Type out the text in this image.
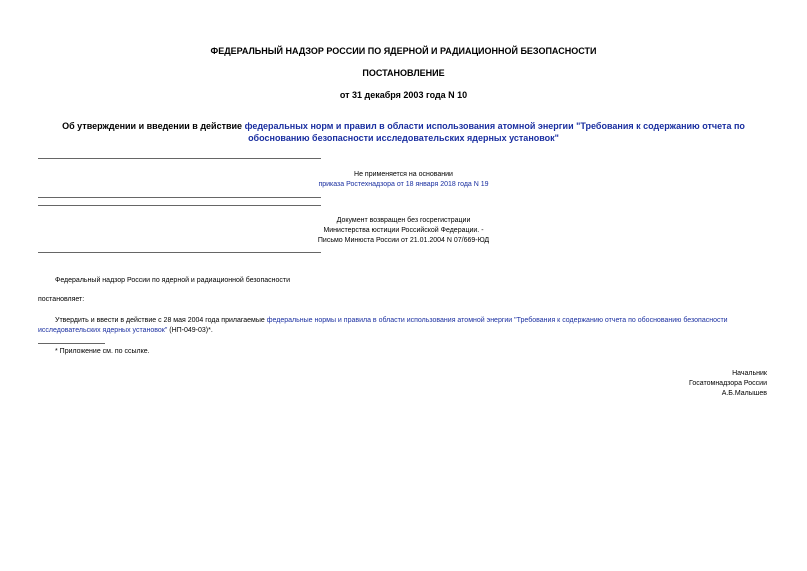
ФЕДЕРАЛЬНЫЙ НАДЗОР РОССИИ ПО ЯДЕРНОЙ И РАДИАЦИОННОЙ БЕЗОПАСНОСТИ
ПОСТАНОВЛЕНИЕ
от 31 декабря 2003 года N 10
Об утверждении и введении в действие федеральных норм и правил в области использования атомной энергии "Требования к содержанию отчета по
обоснованию безопасности исследовательских ядерных установок"
Не применяется на основании
приказа Ростехнадзора от 18 января 2018 года N 19
Документ возвращен без госрегистрации
Министерства юстиции Российской Федерации. -
Письмо Минюста России от 21.01.2004 N 07/669-ЮД
Федеральный надзор России по ядерной и радиационной безопасности
постановляет:
Утвердить и ввести в действие с 28 мая 2004 года прилагаемые федеральные нормы и правила в области использования атомной энергии "Требования к содержанию отчета по обоснованию безопасности
исследовательских ядерных установок" (НП-049-03)*.
* Приложение см. по ссылке.
Начальник
Госатомнадзора России
А.Б.Малышев
